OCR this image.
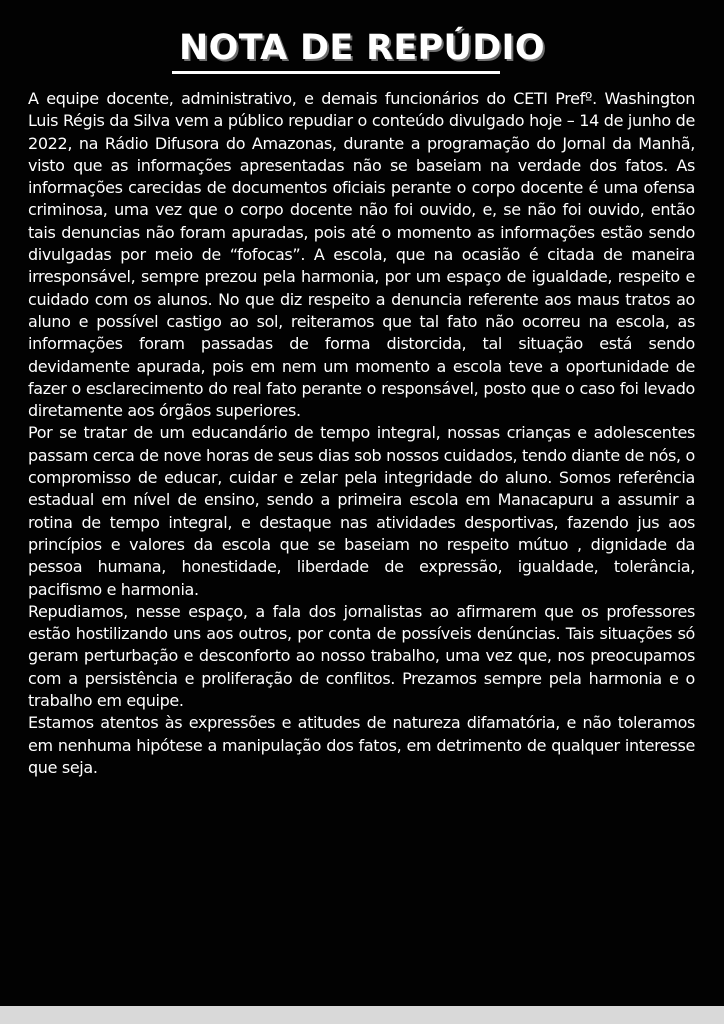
NOTA DE REPÚDIO

A equipe docente, administrativo, e demais funcionários do CETI Prefº. Washington Luis Régis da Silva vem a público repudiar o conteúdo divulgado hoje – 14 de junho de 2022, na Rádio Difusora do Amazonas, durante a programação do Jornal da Manhã, visto que as informações apresentadas não se baseiam na verdade dos fatos. As informações carecidas de documentos oficiais perante o corpo docente é uma ofensa criminosa, uma vez que o corpo docente não foi ouvido, e, se não foi ouvido, então tais denuncias não foram apuradas, pois até o momento as informações estão sendo divulgadas por meio de “fofocas”. A escola, que na ocasião é citada de maneira irresponsável, sempre prezou pela harmonia, por um espaço de igualdade, respeito e cuidado com os alunos. No que diz respeito a denuncia referente aos maus tratos ao aluno e possível castigo ao sol, reiteramos que tal fato não ocorreu na escola, as informações foram passadas de forma distorcida, tal situação está sendo devidamente apurada, pois em nem um momento a escola teve a oportunidade de fazer o esclarecimento do real fato perante o responsável, posto que o caso foi levado diretamente aos órgãos superiores.

Por se tratar de um educandário de tempo integral, nossas crianças e adolescentes passam cerca de nove horas de seus dias sob nossos cuidados, tendo diante de nós, o compromisso de educar, cuidar e zelar pela integridade do aluno. Somos referência estadual em nível de ensino, sendo a primeira escola em Manacapuru a assumir a rotina de tempo integral, e destaque nas atividades desportivas, fazendo jus aos princípios e valores da escola que se baseiam no respeito mútuo , dignidade da pessoa humana, honestidade, liberdade de expressão, igualdade, tolerância, pacifismo e harmonia.

Repudiamos, nesse espaço, a fala dos jornalistas ao afirmarem que os professores estão hostilizando uns aos outros, por conta de possíveis denúncias. Tais situações só geram perturbação e desconforto ao nosso trabalho, uma vez que, nos preocupamos com a persistência e proliferação de conflitos. Prezamos sempre pela harmonia e o trabalho em equipe.

Estamos atentos às expressões e atitudes de natureza difamatória, e não toleramos em nenhuma hipótese a manipulação dos fatos, em detrimento de qualquer interesse que seja.
